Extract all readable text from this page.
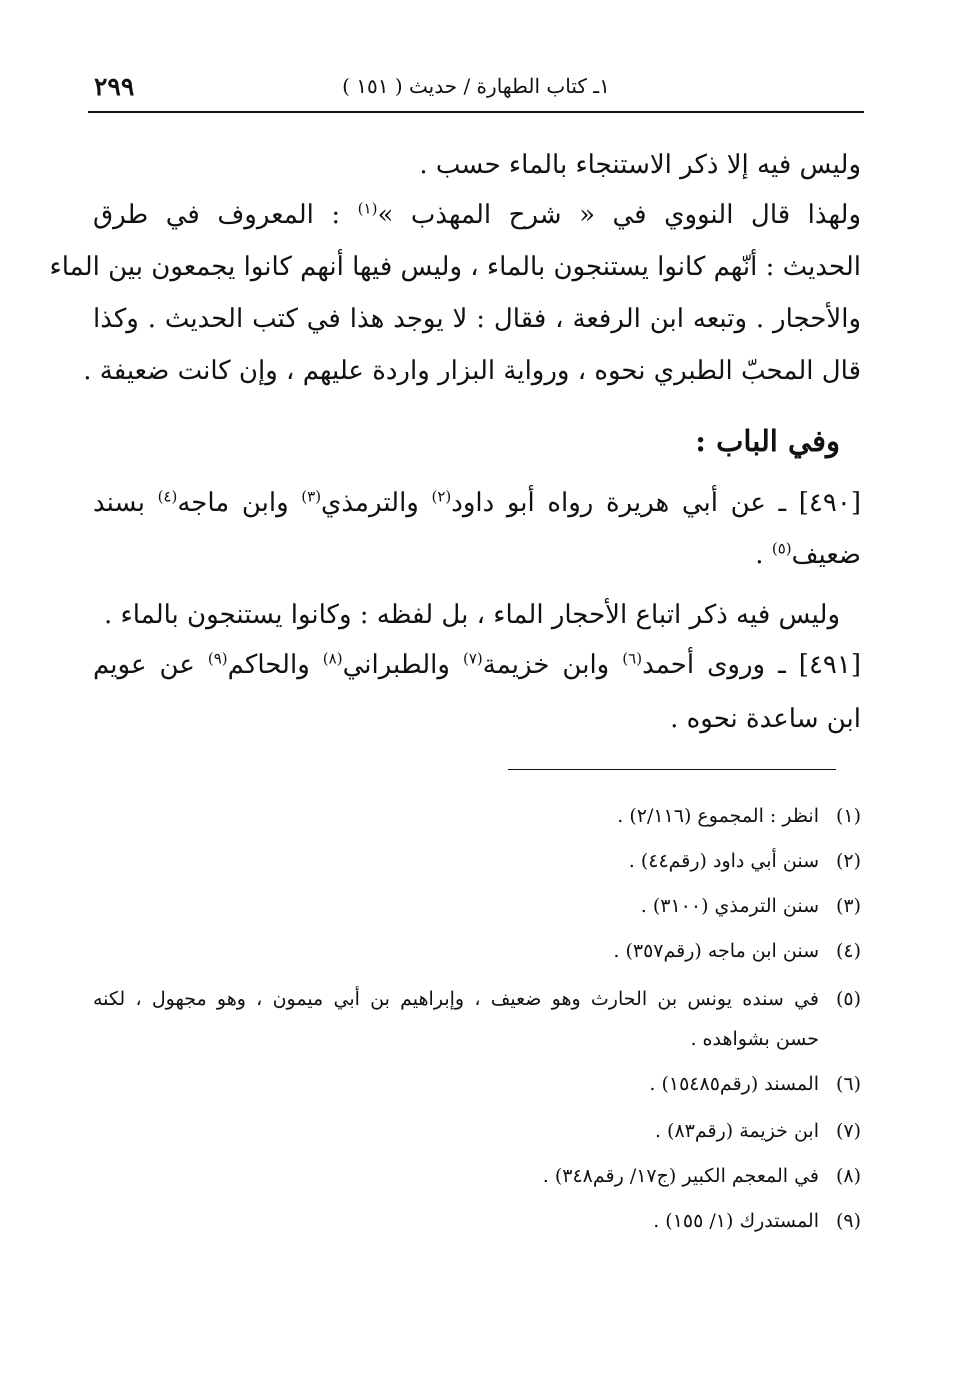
١ـ كتاب الطهارة / حديث ( ١٥١ )
٢٩٩
وليس فيه إلا ذكر الاستنجاء بالماء حسب .
ولهذا قال النووي في « شرح المهذب »$^{(١)}$ : المعروف في طرق
الحديث : أنّهم كانوا يستنجون بالماء ، وليس فيها أنهم كانوا يجمعون بين الماء
والأحجار . وتبعه ابن الرفعة ، فقال : لا يوجد هذا في كتب الحديث . وكذا
قال المحبّ الطبري نحوه ، ورواية البزار واردة عليهم ، وإن كانت ضعيفة .
وفي الباب :
[٤٩٠] ـ عن أبي هريرة رواه أبو داود$^{(٢)}$ والترمذي$^{(٣)}$ وابن ماجه$^{(٤)}$ بسند
ضعيف$^{(٥)}$ .
وليس فيه ذكر اتباع الأحجار الماء ، بل لفظه : وكانوا يستنجون بالماء .
[٤٩١] ـ وروى أحمد$^{(٦)}$ وابن خزيمة$^{(٧)}$ والطبراني$^{(٨)}$ والحاكم$^{(٩)}$ عن عويم
ابن ساعدة نحوه .
(١)انظر : المجموع (٢/١١٦) .
(٢)سنن أبي داود (رقم٤٤) .
(٣)سنن الترمذي (٣١٠٠) .
(٤)سنن ابن ماجه (رقم٣٥٧) .
(٥)في سنده يونس بن الحارث وهو ضعيف ، وإبراهيم بن أبي ميمون ، وهو مجهول ، لكنه
حسن بشواهده .
(٦)المسند (رقم١٥٤٨٥) .
(٧)ابن خزيمة (رقم٨٣) .
(٨)في المعجم الكبير (ج١٧/ رقم٣٤٨) .
(٩)المستدرك (١/ ١٥٥) .
